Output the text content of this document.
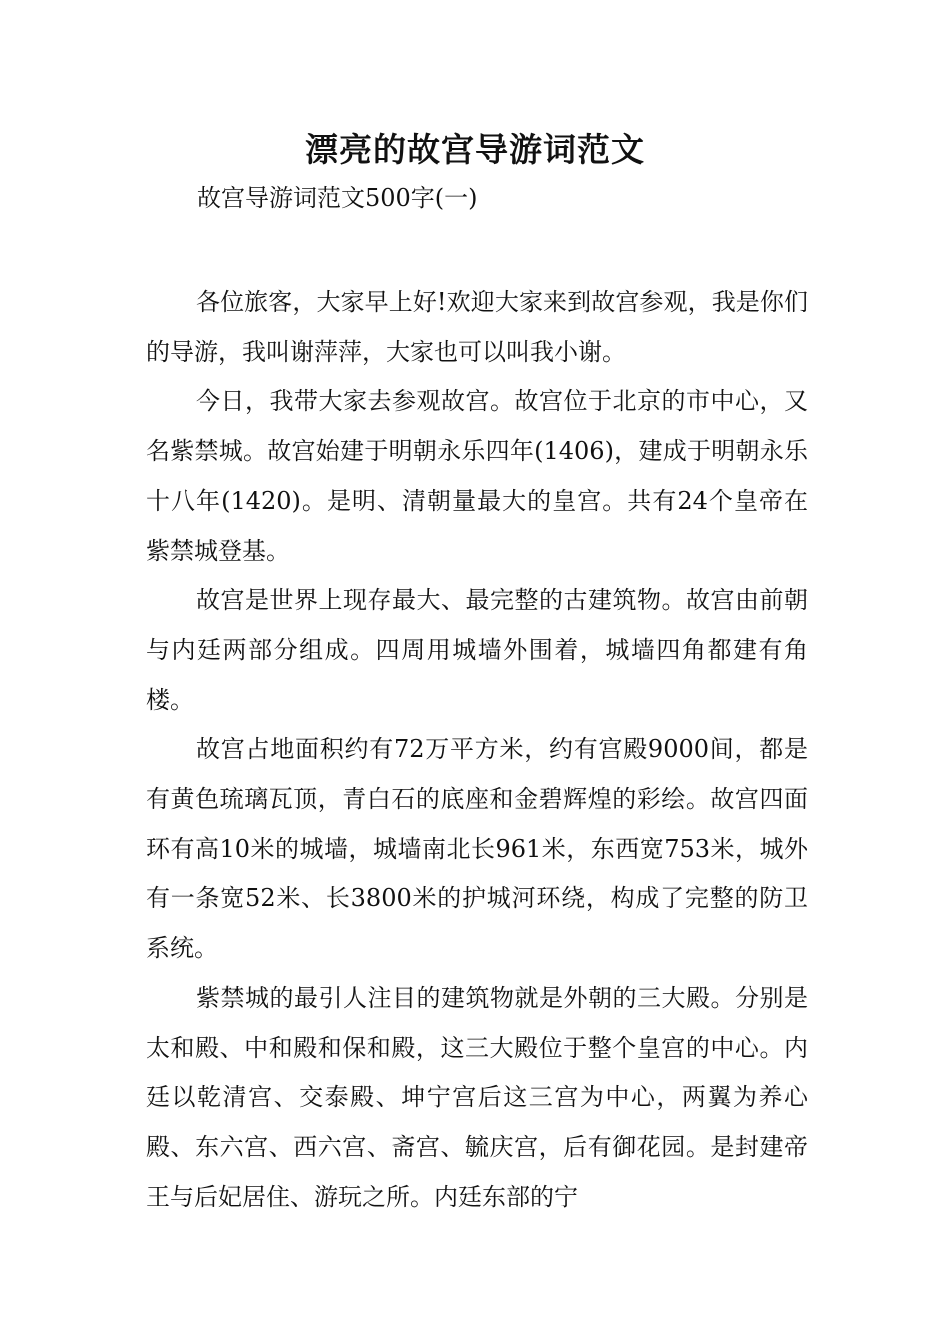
漂亮的故宫导游词范文
故宫导游词范文500字(一)

各位旅客，大家早上好!欢迎大家来到故宫参观，我是你们的导游，我叫谢萍萍，大家也可以叫我小谢。

今日，我带大家去参观故宫。故宫位于北京的市中心，又名紫禁城。故宫始建于明朝永乐四年(1406)，建成于明朝永乐十八年(1420)。是明、清朝量最大的皇宫。共有24个皇帝在紫禁城登基。

故宫是世界上现存最大、最完整的古建筑物。故宫由前朝与内廷两部分组成。四周用城墙外围着，城墙四角都建有角楼。

故宫占地面积约有72万平方米，约有宫殿9000间，都是有黄色琉璃瓦顶，青白石的底座和金碧辉煌的彩绘。故宫四面环有高10米的城墙，城墙南北长961米，东西宽753米，城外有一条宽52米、长3800米的护城河环绕，构成了完整的防卫系统。

紫禁城的最引人注目的建筑物就是外朝的三大殿。分别是太和殿、中和殿和保和殿，这三大殿位于整个皇宫的中心。内廷以乾清宫、交泰殿、坤宁宫后这三宫为中心，两翼为养心殿、东六宫、西六宫、斋宫、毓庆宫，后有御花园。是封建帝王与后妃居住、游玩之所。内廷东部的宁
